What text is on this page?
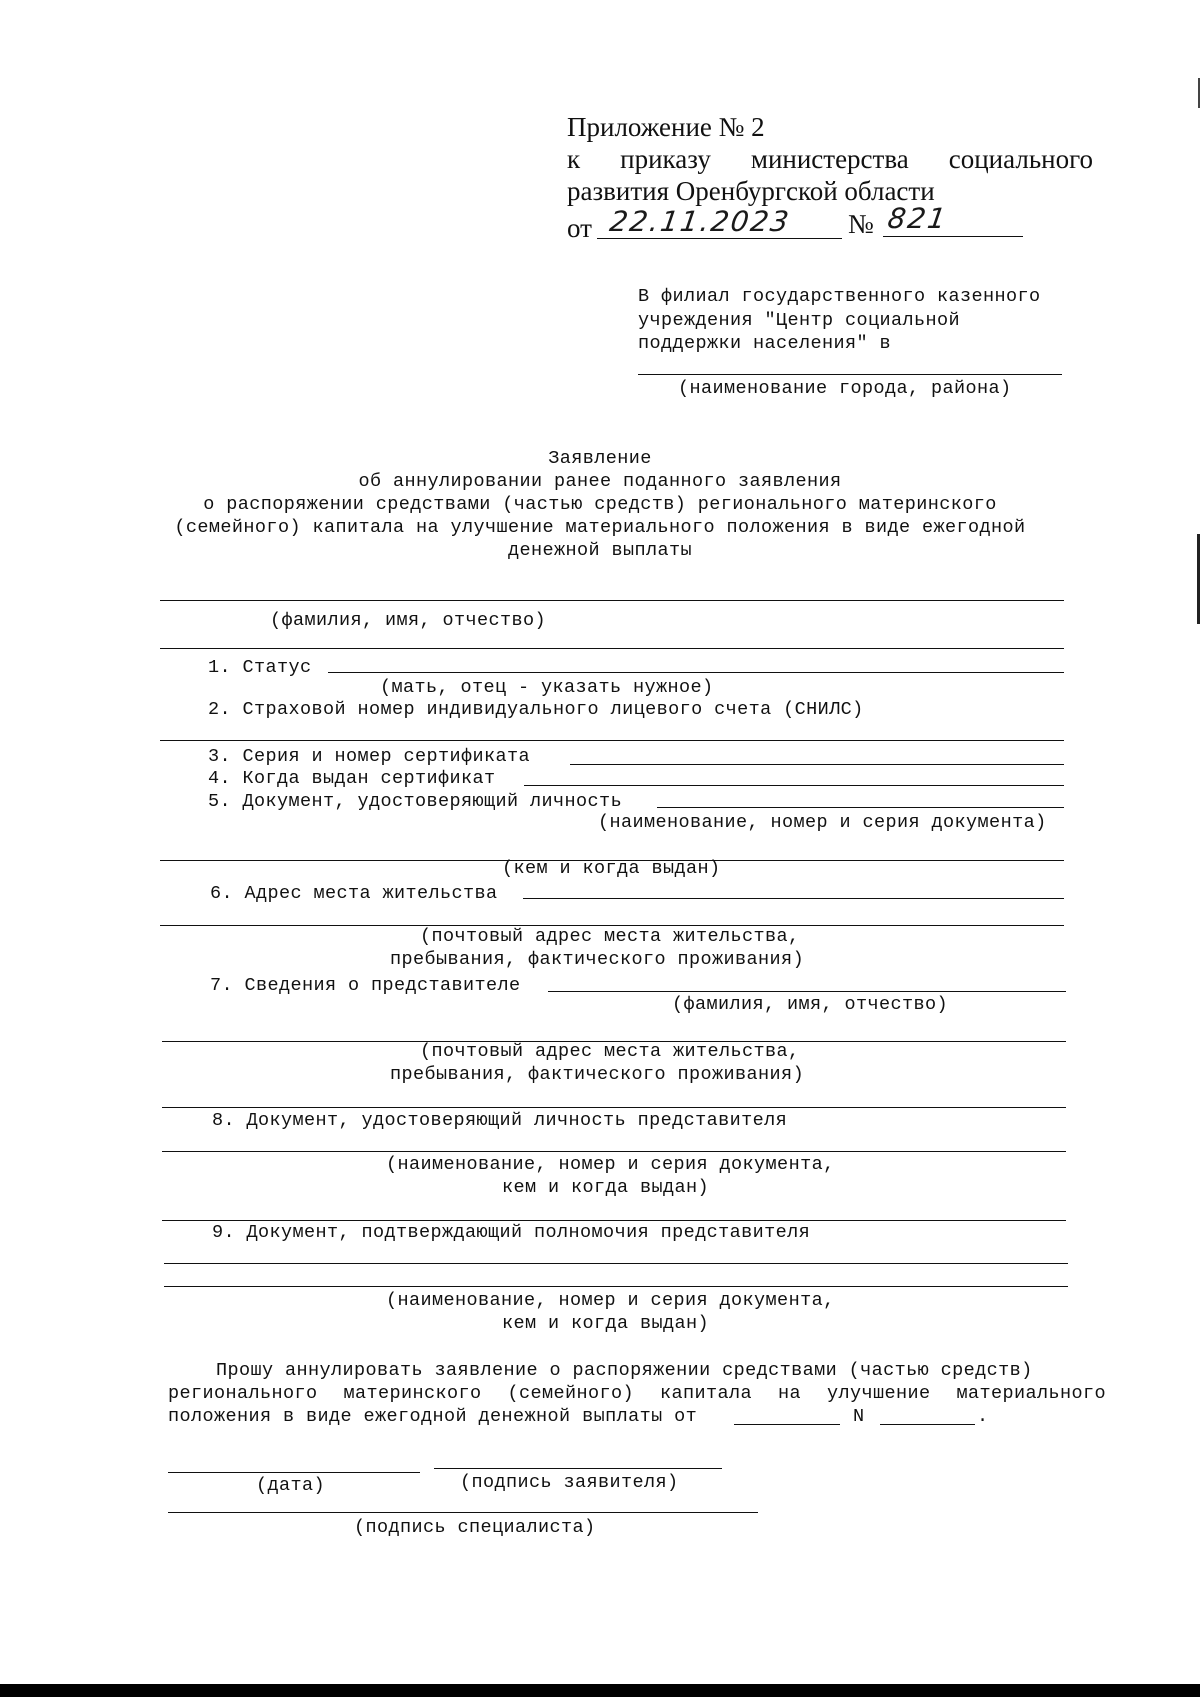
Приложение № 2
к приказу министерства социального
развития Оренбургской области
от 22.11.2023 № 821
В филиал государственного казенного
учреждения "Центр социальной
поддержки населения" в
(наименование города, района)
Заявление
об аннулировании ранее поданного заявления
о распоряжении средствами (частью средств) регионального материнского
(семейного) капитала на улучшение материального положения в виде ежегодной
денежной выплаты
(фамилия, имя, отчество)
1. Статус
(мать, отец - указать нужное)
2. Страховой номер индивидуального лицевого счета (СНИЛС)
3. Серия и номер сертификата
4. Когда выдан сертификат
5. Документ, удостоверяющий личность
(наименование, номер и серия документа)
(кем и когда выдан)
6. Адрес места жительства
(почтовый адрес места жительства,
пребывания, фактического проживания)
7. Сведения о представителе
(фамилия, имя, отчество)
(почтовый адрес места жительства,
пребывания, фактического проживания)
8. Документ, удостоверяющий личность представителя
(наименование, номер и серия документа,
кем и когда выдан)
9. Документ, подтверждающий полномочия представителя
(наименование, номер и серия документа,
кем и когда выдан)
Прошу аннулировать заявление о распоряжении средствами (частью средств)
регионального материнского (семейного) капитала на улучшение материального
положения в виде ежегодной денежной выплаты от	N	.
(дата)	(подпись заявителя)
(подпись специалиста)
